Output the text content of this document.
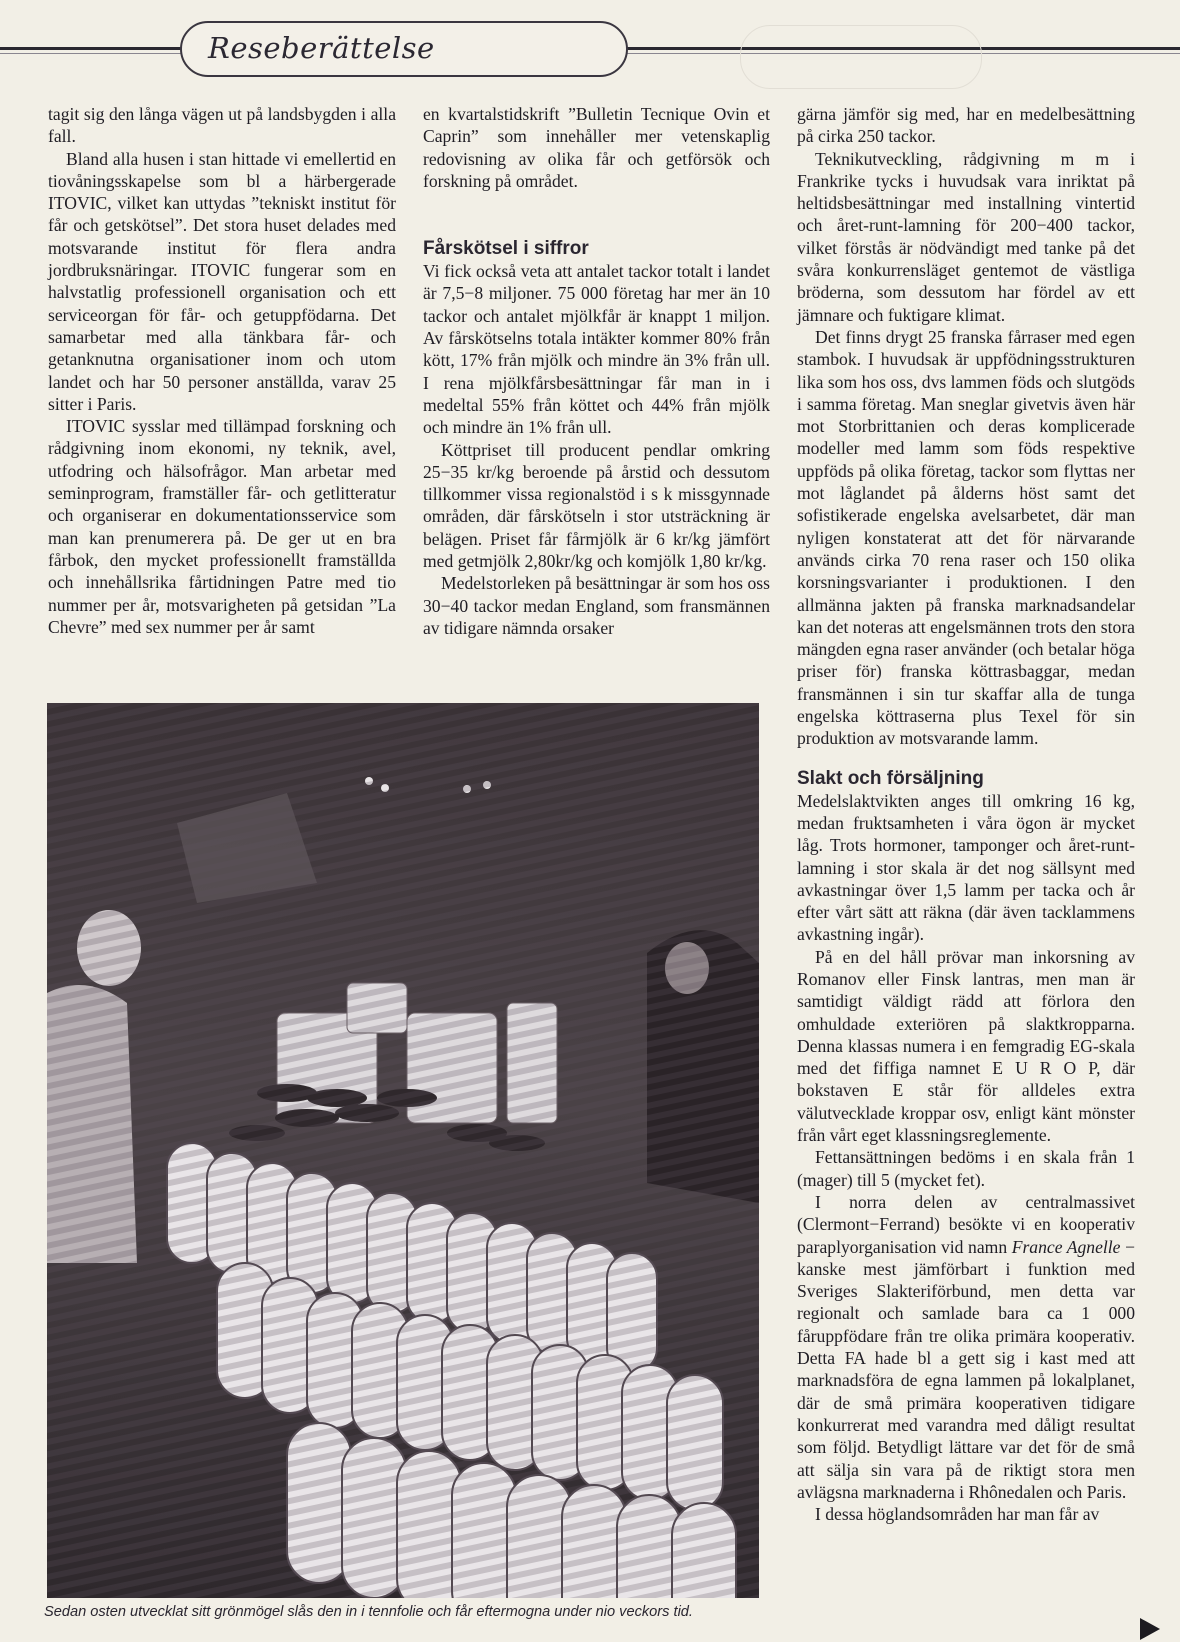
Reseberättelse

tagit sig den långa vägen ut på landsbygden i alla fall.

Bland alla husen i stan hittade vi emellertid en tiovåningsskapelse som bl a härbergerade ITOVIC, vilket kan uttydas ”tekniskt institut för får och getskötsel”. Det stora huset delades med motsvarande institut för flera andra jordbruksnäringar. ITOVIC fungerar som en halvstatlig professionell organisation och ett serviceorgan för får- och getuppfödarna. Det samarbetar med alla tänkbara får- och getanknutna organisationer inom och utom landet och har 50 personer anställda, varav 25 sitter i Paris.

ITOVIC sysslar med tillämpad forskning och rådgivning inom ekonomi, ny teknik, avel, utfodring och hälsofrågor. Man arbetar med seminprogram, framställer får- och getlitteratur och organiserar en dokumentationsservice som man kan prenumerera på. De ger ut en bra fårbok, den mycket professionellt framställda och innehållsrika fårtidningen Patre med tio nummer per år, motsvarigheten på getsidan ”La Chevre” med sex nummer per år samt

en kvartalstidskrift ”Bulletin Tecnique Ovin et Caprin” som innehåller mer vetenskaplig redovisning av olika får och getförsök och forskning på området.

Fårskötsel i siffror

Vi fick också veta att antalet tackor totalt i landet är 7,5−8 miljoner. 75 000 företag har mer än 10 tackor och antalet mjölkfår är knappt 1 miljon. Av fårskötselns totala intäkter kommer 80% från kött, 17% från mjölk och mindre än 3% från ull. I rena mjölkfårsbesättningar får man in i medeltal 55% från köttet och 44% från mjölk och mindre än 1% från ull.

Köttpriset till producent pendlar omkring 25−35 kr/kg beroende på årstid och dessutom tillkommer vissa regionalstöd i s k missgynnade områden, där fårskötseln i stor utsträckning är belägen. Priset får fårmjölk är 6 kr/kg jämfört med getmjölk 2,80kr/kg och komjölk 1,80 kr/kg.

Medelstorleken på besättningar är som hos oss 30−40 tackor medan England, som fransmännen av tidigare nämnda orsaker

gärna jämför sig med, har en medelbesättning på cirka 250 tackor.

Teknikutveckling, rådgivning m m i Frankrike tycks i huvudsak vara inriktat på heltidsbesättningar med installning vintertid och året-runt-lamning för 200−400 tackor, vilket förstås är nödvändigt med tanke på det svåra konkurrensläget gentemot de västliga bröderna, som dessutom har fördel av ett jämnare och fuktigare klimat.

Det finns drygt 25 franska fårraser med egen stambok. I huvudsak är uppfödningsstrukturen lika som hos oss, dvs lammen föds och slutgöds i samma företag. Man sneglar givetvis även här mot Storbrittanien och deras komplicerade modeller med lamm som föds respektive uppföds på olika företag, tackor som flyttas ner mot låglandet på ålderns höst samt det sofistikerade engelska avelsarbetet, där man nyligen konstaterat att det för närvarande används cirka 70 rena raser och 150 olika korsningsvarianter i produktionen. I den allmänna jakten på franska marknadsandelar kan det noteras att engelsmännen trots den stora mängden egna raser använder (och betalar höga priser för) franska köttrasbaggar, medan fransmännen i sin tur skaffar alla de tunga engelska köttraserna plus Texel för sin produktion av motsvarande lamm.

Slakt och försäljning

Medelslaktvikten anges till omkring 16 kg, medan fruktsamheten i våra ögon är mycket låg. Trots hormoner, tamponger och året-runt-lamning i stor skala är det nog sällsynt med avkastningar över 1,5 lamm per tacka och år efter vårt sätt att räkna (där även tacklammens avkastning ingår).

På en del håll prövar man inkorsning av Romanov eller Finsk lantras, men man är samtidigt väldigt rädd att förlora den omhuldade exteriören på slaktkropparna. Denna klassas numera i en femgradig EG-skala med det fiffiga namnet E U R O P, där bokstaven E står för alldeles extra välutvecklade kroppar osv, enligt känt mönster från vårt eget klassningsreglemente.

Fettansättningen bedöms i en skala från 1 (mager) till 5 (mycket fet).

I norra delen av centralmassivet (Clermont−Ferrand) besökte vi en kooperativ paraplyorganisation vid namn France Agnelle − kanske mest jämförbart i funktion med Sveriges Slakteriförbund, men detta var regionalt och samlade bara ca 1 000 fåruppfödare från tre olika primära kooperativ. Detta FA hade bl a gett sig i kast med att marknadsföra de egna lammen på lokalplanet, där de små primära kooperativen tidigare konkurrerat med varandra med dåligt resultat som följd. Betydligt lättare var det för de små att sälja sin vara på de riktigt stora men avlägsna marknaderna i Rhônedalen och Paris.

I dessa höglandsområden har man får av

Sedan osten utvecklat sitt grönmögel slås den in i tennfolie och får eftermogna under nio veckors tid.
